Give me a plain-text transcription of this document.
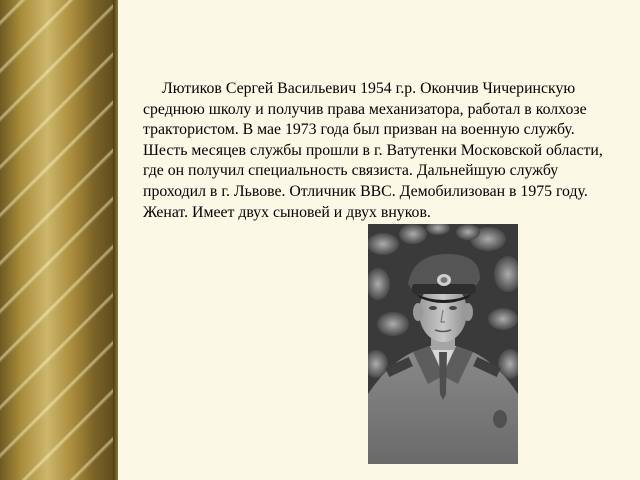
Лютиков Сергей Васильевич 1954 г.р. Окончив Чичеринскую среднюю школу и получив права механизатора, работал в колхозе трактористом. В мае 1973 года был призван на военную службу. Шесть месяцев службы прошли в г. Ватутенки Московской области, где он получил специальность связиста. Дальнейшую службу проходил в г. Львове. Отличник ВВС. Демобилизован в 1975 году. Женат. Имеет двух сыновей и двух внуков.
